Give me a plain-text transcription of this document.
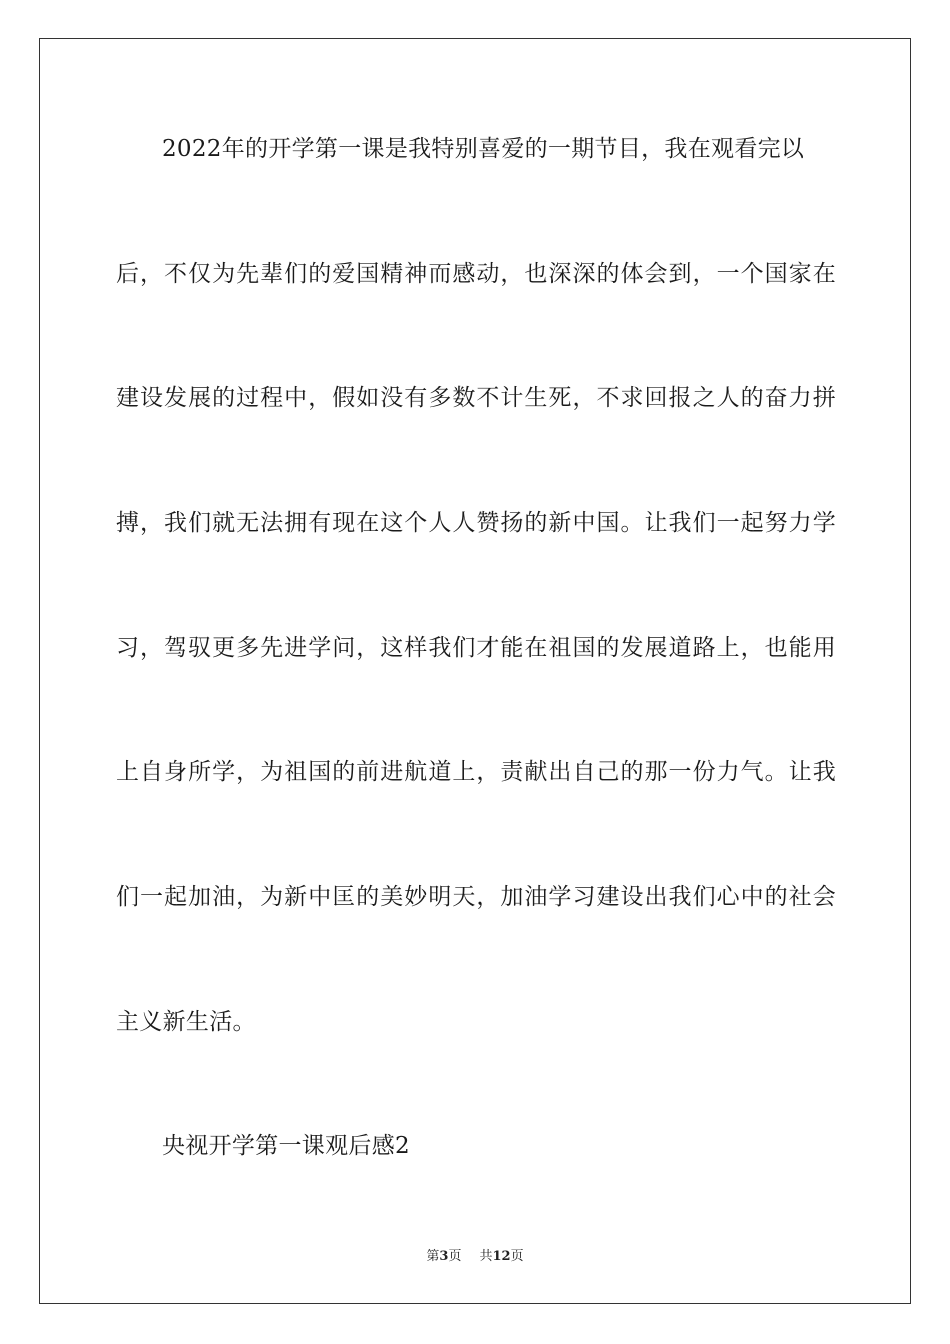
2022年的开学第一课是我特别喜爱的一期节目，我在观看完以

后，不仅为先辈们的爱国精神而感动，也深深的体会到，一个国家在

建设发展的过程中，假如没有多数不计生死，不求回报之人的奋力拼

搏，我们就无法拥有现在这个人人赞扬的新中国。让我们一起努力学

习，驾驭更多先进学问，这样我们才能在祖国的发展道路上，也能用

上自身所学，为祖国的前进航道上，责献出自己的那一份力气。让我

们一起加油，为新中匡的美妙明天，加油学习建设出我们心中的社会

主义新生活。

央视开学第一课观后感2

第3页 共12页
